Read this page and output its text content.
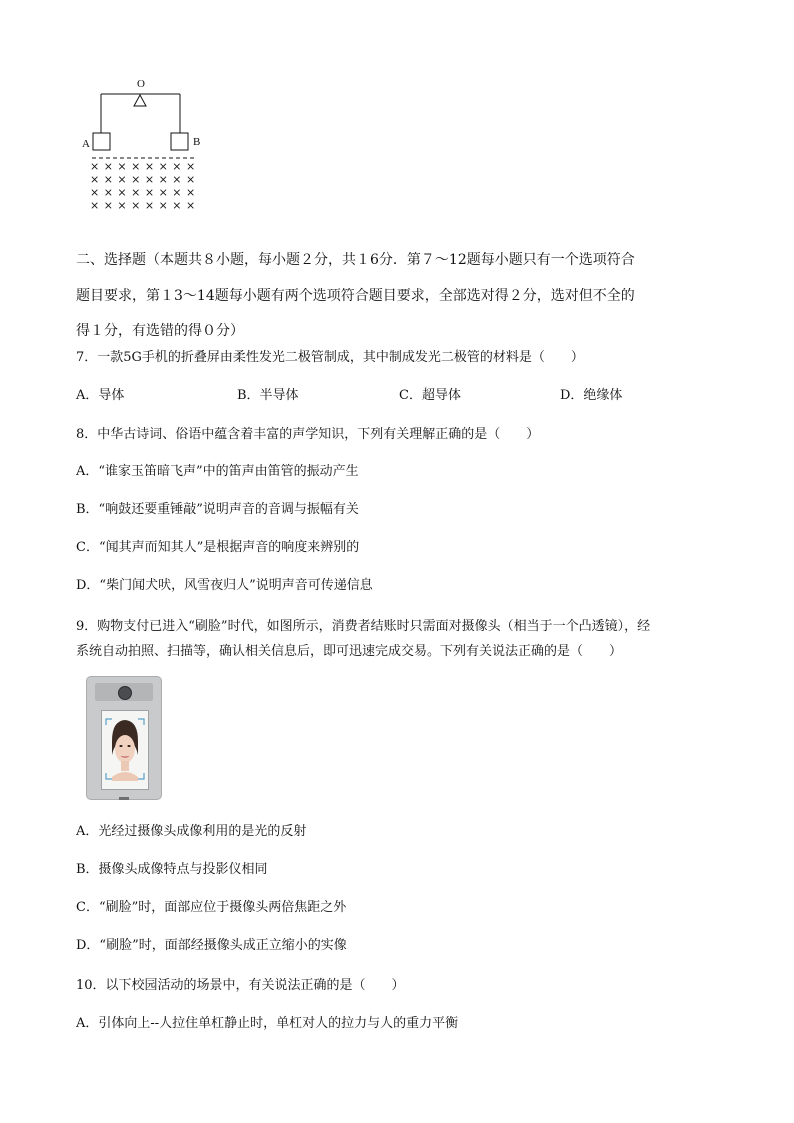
O
A	B
× × × × × × × ×
× × × × × × × ×
× × × × × × × ×
× × × × × × × ×
二、选择题（本题共８小题，每小题２分，共１6分．第７～12题每小题只有一个选项符合
题目要求，第１3～14题每小题有两个选项符合题目要求，全部选对得２分，选对但不全的
得１分，有选错的得０分）
7．一款5G手机的折叠屏由柔性发光二极管制成，其中制成发光二极管的材料是（　　）
A．导体	B．半导体	C．超导体	D．绝缘体
8．中华古诗词、俗语中蕴含着丰富的声学知识，下列有关理解正确的是（　　）
A．“谁家玉笛暗飞声”中的笛声由笛管的振动产生
B．“响鼓还要重锤敲”说明声音的音调与振幅有关
C．“闻其声而知其人”是根据声音的响度来辨别的
D．“柴门闻犬吠，风雪夜归人”说明声音可传递信息
9．购物支付已进入“刷脸”时代，如图所示，消费者结账时只需面对摄像头（相当于一个凸透镜），经
系统自动拍照、扫描等，确认相关信息后，即可迅速完成交易。下列有关说法正确的是（　　）
A．光经过摄像头成像利用的是光的反射
B．摄像头成像特点与投影仪相同
C．“刷脸”时，面部应位于摄像头两倍焦距之外
D．“刷脸”时，面部经摄像头成正立缩小的实像
10．以下校园活动的场景中，有关说法正确的是（　　）
A．引体向上--人拉住单杠静止时，单杠对人的拉力与人的重力平衡
